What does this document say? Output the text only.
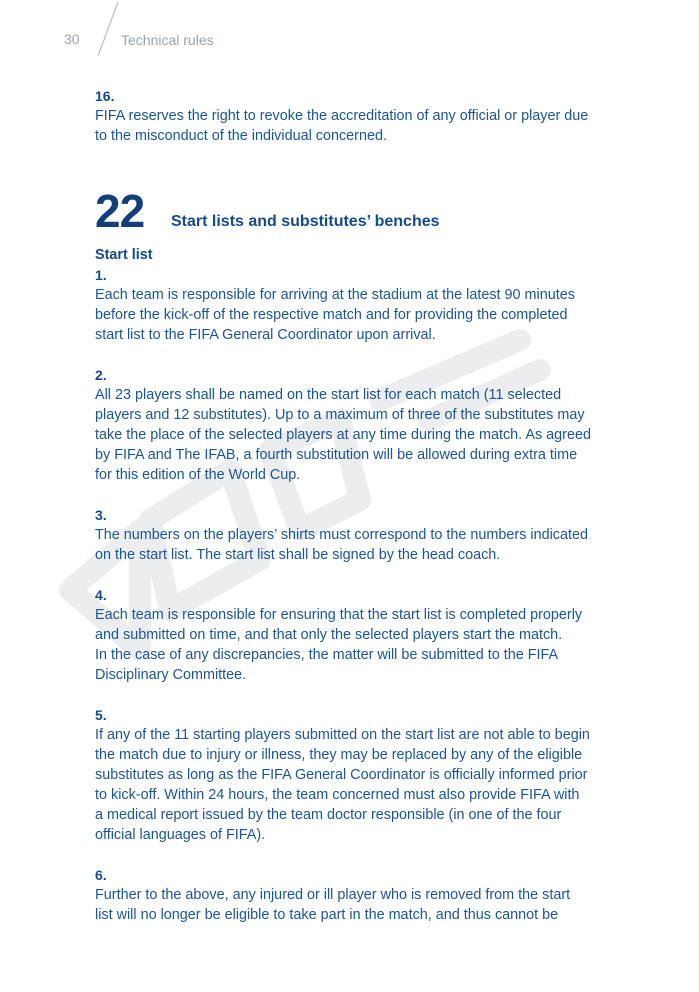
30	Technical rules
16.

FIFA reserves the right to revoke the accreditation of any official or player due

to the misconduct of the individual concerned.

22 Start lists and substitutes’ benches
Start list
1.

Each team is responsible for arriving at the stadium at the latest 90 minutes

before the kick-off of the respective match and for providing the completed

start list to the FIFA General Coordinator upon arrival.

2.

All 23 players shall be named on the start list for each match (11 selected

players and 12 substitutes). Up to a maximum of three of the substitutes may

take the place of the selected players at any time during the match. As agreed

by FIFA and The IFAB, a fourth substitution will be allowed during extra time

for this edition of the World Cup.

3.

The numbers on the players’ shirts must correspond to the numbers indicated

on the start list. The start list shall be signed by the head coach.

4.

Each team is responsible for ensuring that the start list is completed properly

and submitted on time, and that only the selected players start the match.

In the case of any discrepancies, the matter will be submitted to the FIFA

Disciplinary Committee.

5.

If any of the 11 starting players submitted on the start list are not able to begin

the match due to injury or illness, they may be replaced by any of the eligible

substitutes as long as the FIFA General Coordinator is officially informed prior

to kick-off. Within 24 hours, the team concerned must also provide FIFA with

a medical report issued by the team doctor responsible (in one of the four

official languages of FIFA).

6.

Further to the above, any injured or ill player who is removed from the start

list will no longer be eligible to take part in the match, and thus cannot be
